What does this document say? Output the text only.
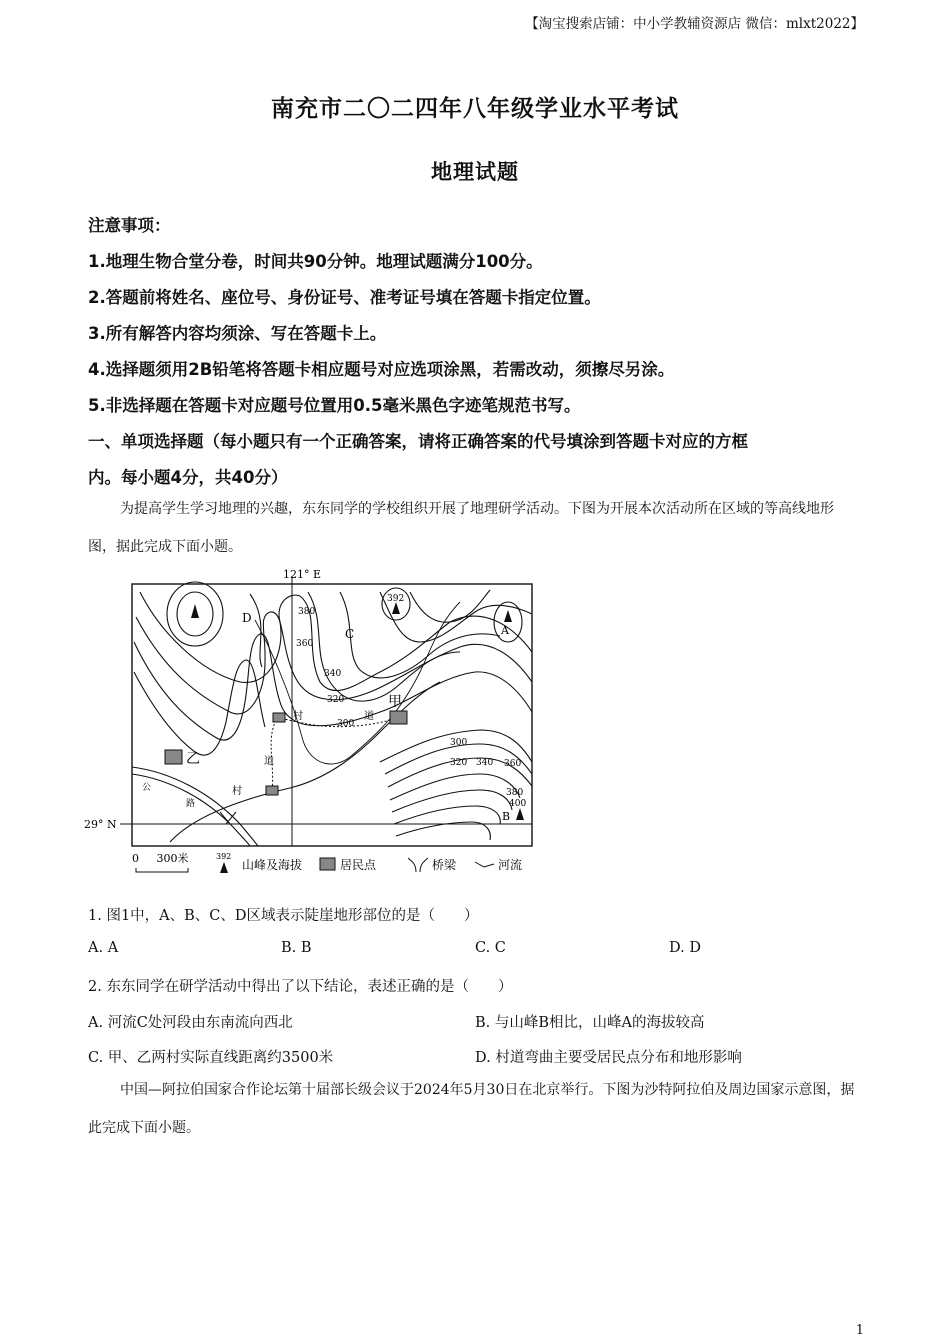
【淘宝搜索店铺：中小学教辅资源店 微信：mlxt2022】
南充市二〇二四年八年级学业水平考试
地理试题
注意事项：
1.地理生物合堂分卷，时间共90分钟。地理试题满分100分。
2.答题前将姓名、座位号、身份证号、准考证号填在答题卡指定位置。
3.所有解答内容均须涂、写在答题卡上。
4.选择题须用2B铅笔将答题卡相应题号对应选项涂黑，若需改动，须擦尽另涂。
5.非选择题在答题卡对应题号位置用0.5毫米黑色字迹笔规范书写。
一、单项选择题（每小题只有一个正确答案，请将正确答案的代号填涂到答题卡对应的方框
内。每小题4分，共40分）
为提高学生学习地理的兴趣，东东同学的学校组织开展了地理研学活动。下图为开展本次活动所在区域的等高线地形图，据此完成下面小题。
121° E
29° N
380
360
340
320
300
300
320 340 360
380
400
392
A
B
C
D
甲
乙
村	道
道
村
公
路
0     300米	392
山峰及海拔	居民点	桥梁	河流
1. 图1中，A、B、C、D区域表示陡崖地形部位的是（　　）
A. A	B. B	C. C	D. D
2. 东东同学在研学活动中得出了以下结论，表述正确的是（　　）
A. 河流C处河段由东南流向西北	B. 与山峰B相比，山峰A的海拔较高
C. 甲、乙两村实际直线距离约3500米	D. 村道弯曲主要受居民点分布和地形影响
中国—阿拉伯国家合作论坛第十届部长级会议于2024年5月30日在北京举行。下图为沙特阿拉伯及周边国家示意图，据此完成下面小题。
1
